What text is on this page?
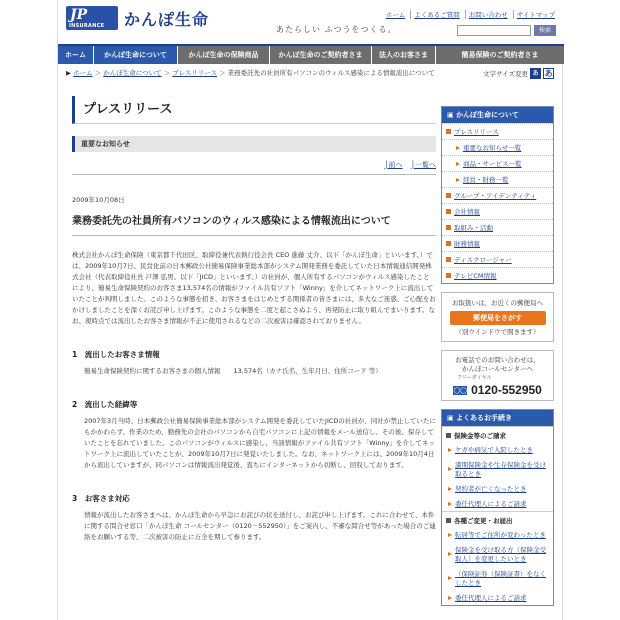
JP
INSURANCE かんぽ生命
あたらしい ふつうをつくる。
ホーム	よくあるご質問	お問い合わせ	サイトマップ
検索
ホーム	かんぽ生命について	かんぽ生命の保険商品	かんぽ生命のご契約者さま	法人のお客さま	簡易保険のご契約者さま
▶ ホーム ＞ かんぽ生命について ＞ プレスリリース ＞ 業務委託先の社員所有パソコンのウィルス感染による情報流出について	文字サイズ変更 あ あ
プレスリリース
重要なお知らせ
│前へ │一覧へ
2009年10月08日
業務委託先の社員所有パソコンのウィルス感染による情報流出について
株式会社かんぽ生命保険（東京都千代田区、取締役兼代表執行役会長 CEO 進藤 丈介、以下「かんぽ生命」といいます。）では、2009年10月7日、民営化前の日本郵政公社簡易保険事業総本部がシステム開発業務を委託していた日本情報通信開発株式会社（代表取締役社長 戸澤 弘男、以下「JICD」といいます。）の社員が、個人所有するパソコンがウィルス感染したことにより、簡易生命保険契約のお客さま13,574名の情報がファイル共有ソフト「Winny」を介してネットワーク上に流出していたことが判明しました。このような事態を招き、お客さまをはじめとする関係者の皆さまには、多大なご迷惑、ご心配をおかけしましたことを深くお詫び申し上げます。このような事態を二度と起こさぬよう、再発防止に取り組んでまいります。なお、現時点では流出したお客さま情報が不正に使用されるなどの二次被害は確認されておりません。
1　流出したお客さま情報
簡易生命保険契約に関するお客さまの個人情報　　13,574名（カナ氏名、生年月日、住所コード 等）
2　流出した経緯等
2007年3月当時、日本郵政公社簡易保険事業総本部がシステム開発を委託していたJICDの社員が、同社が禁止していたにもかかわらず、作業のため、勤務先の会社のパソコンから自宅パソコンに上記の情報をメール送信し、その後、保存していたことを忘れていました。このパソコンがウィルスに感染し、当該情報がファイル共有ソフト「Winny」を介してネットワーク上に流出していたことが、2009年10月7日に発覚いたしました。なお、ネットワーク上には、2009年10月4日から流出していますが、同パソコンは情報流出発覚後、直ちにインターネットから切断し、回収しております。
3　お客さま対応
情報が流出したお客さまへは、かんぽ生命から早急にお詫びの状を送付し、お詫び申し上げます。これに合わせて、本件に関する問合せ窓口「かんぽ生命 コールセンター（0120－552950）」をご案内し、不審な問合せ等があった場合のご連絡をお願いする等、二次被害の防止に万全を期して参ります。
▣ かんぽ生命について
プレスリリース
重要なお知らせ一覧
商品・サービス一覧
経営・財務一覧
グループ・アイデンティティ
会社情報
取組み・活動
財務情報
ディスクロージャー
テレビCM情報
お取扱いは、お近くの郵便局へ
郵便局をさがす
（別ウインドウで開きます）
お電話でのお問い合わせは、
かんぽコールセンターへ
フリーダイヤル
◯◯ 0120-552950
▣ よくあるお手続き
保険金等のご請求
ケガや病気で入院したとき
満期保険金や生存保険金を受け取るとき
契約者が亡くなったとき
委任代理人によるご請求
各種ご変更・お届出
転居等でご住所が変わったとき
保険金を受け取る方（保険金受取人）を変更したいとき
（保険証券（保険証書）をなくしたとき
委任代理人によるご請求
